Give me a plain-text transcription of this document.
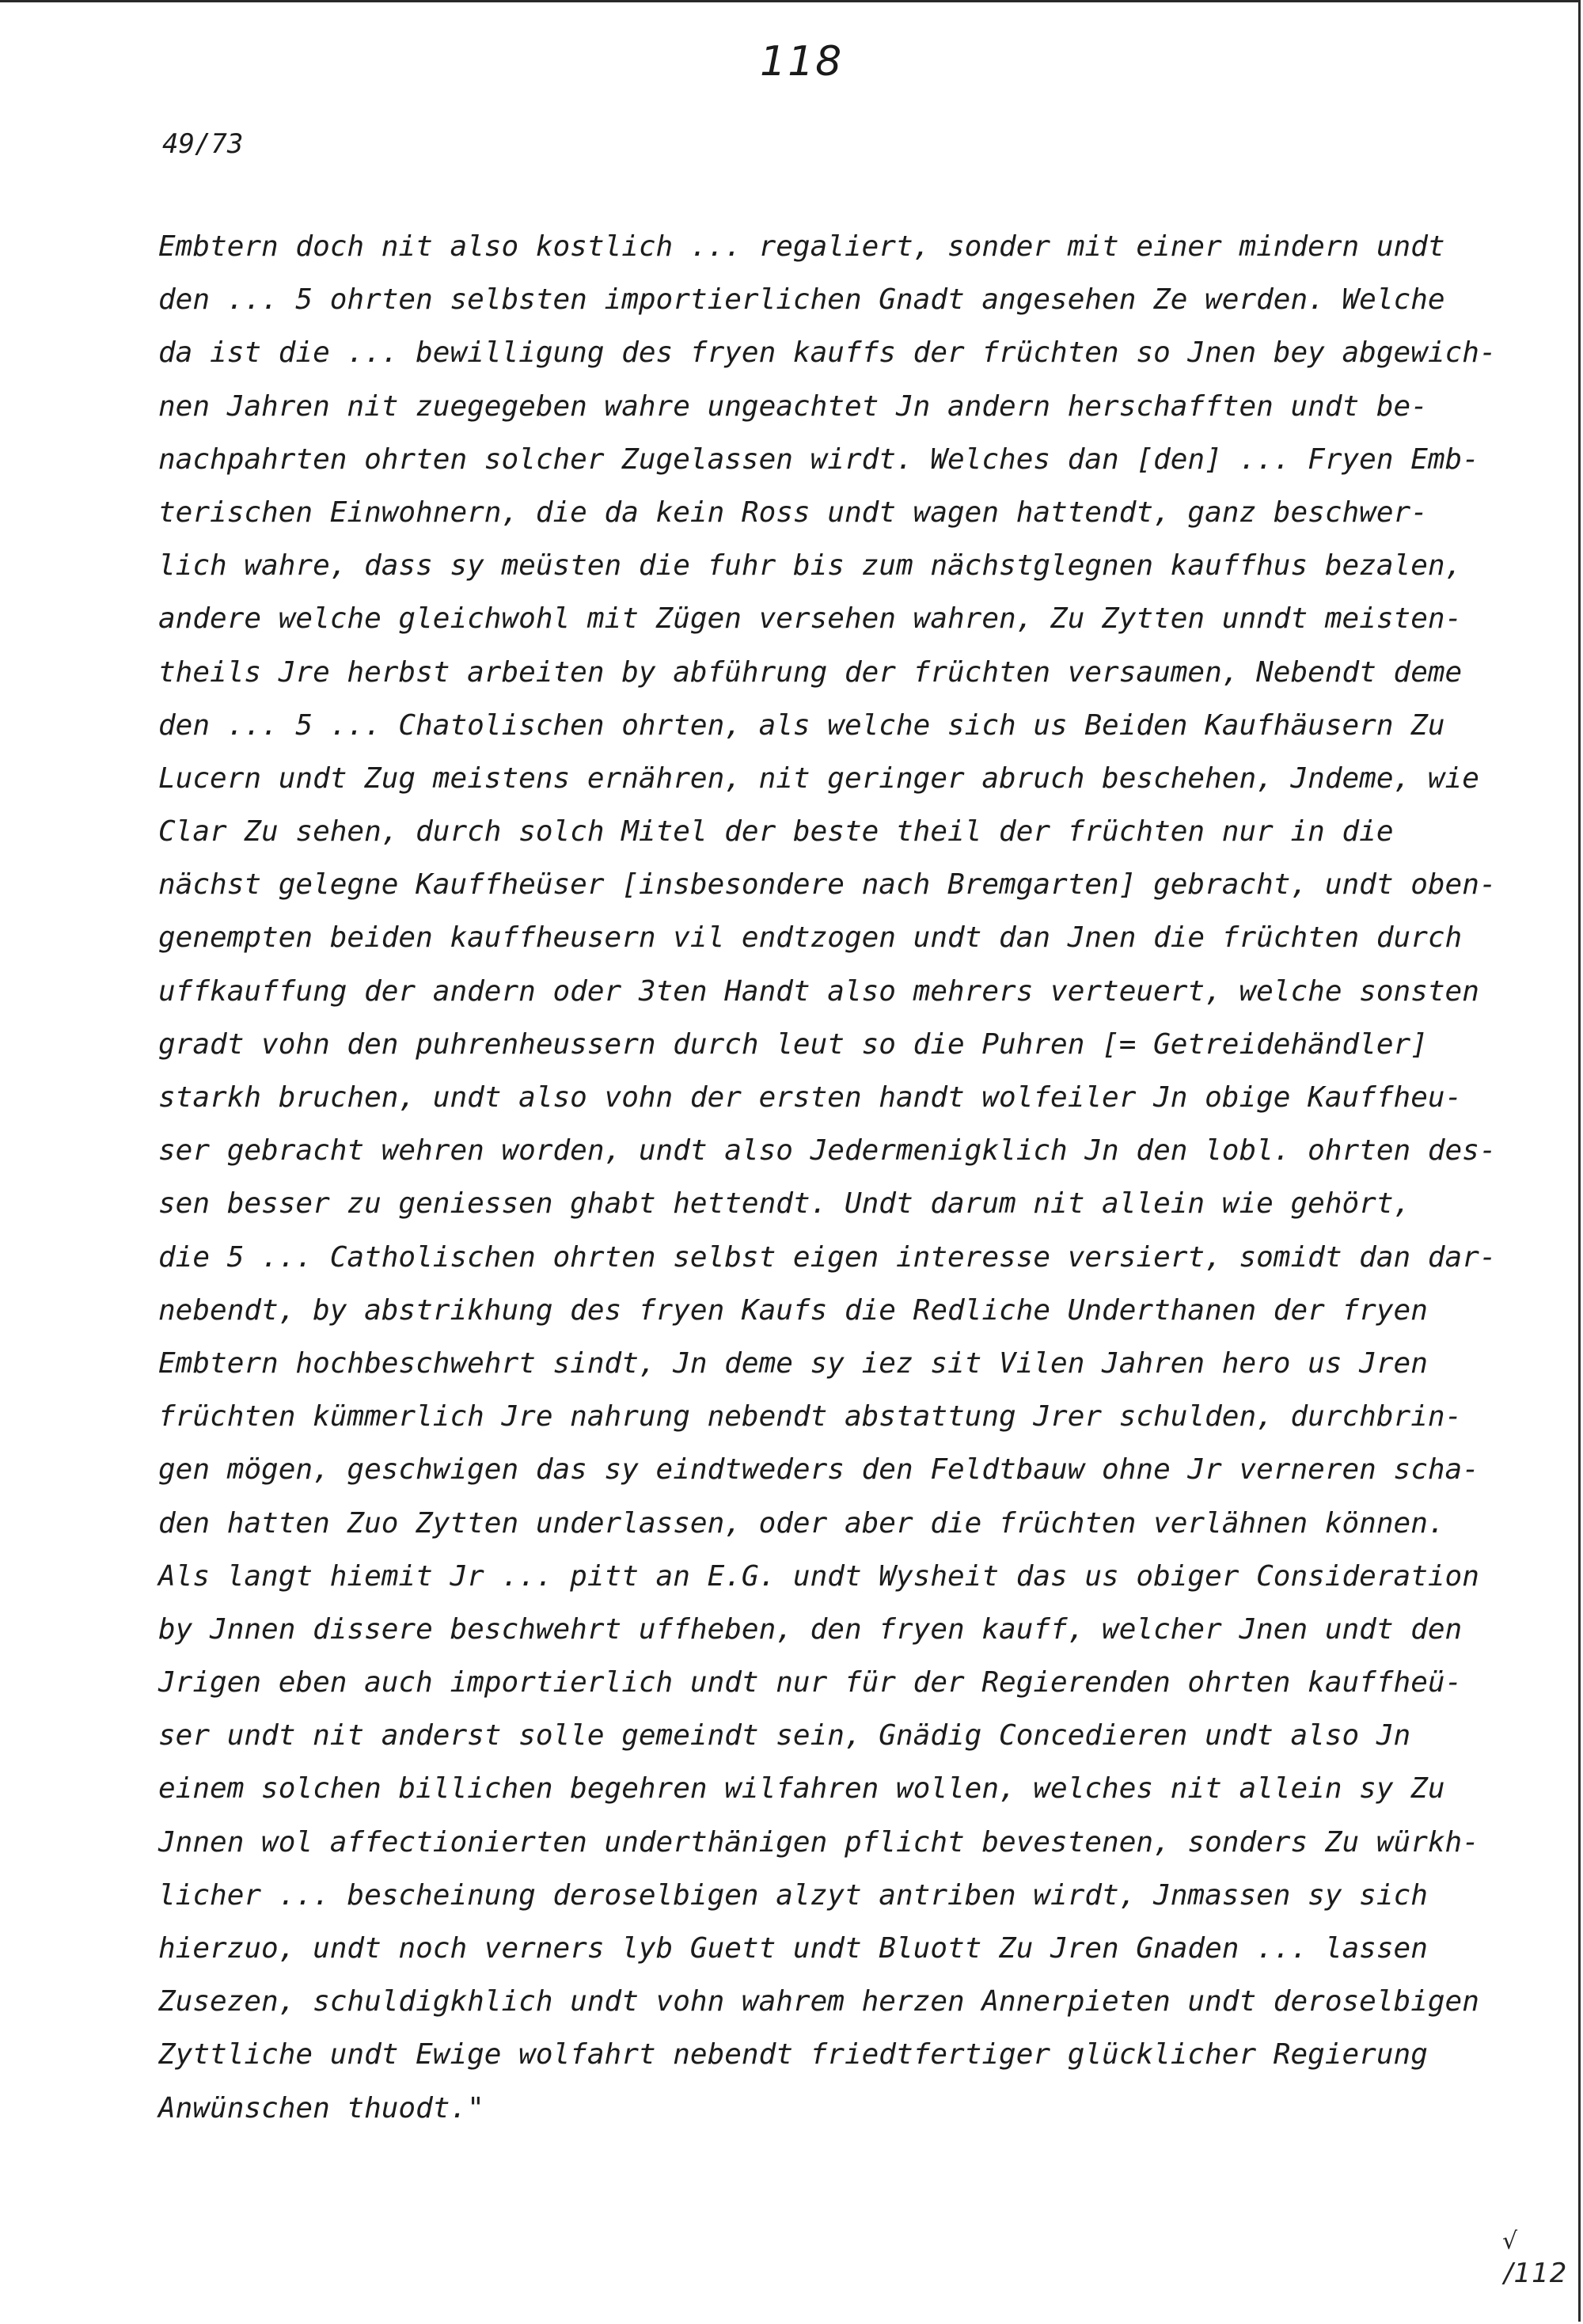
118
49/73
Embtern doch nit also kostlich ... regaliert, sonder mit einer mindern undt
den ... 5 ohrten selbsten importierlichen Gnadt angesehen Ze werden. Welche
da ist die ... bewilligung des fryen kauffs der früchten so Jnen bey abgewich-
nen Jahren nit zuegegeben wahre ungeachtet Jn andern herschafften undt be-
nachpahrten ohrten solcher Zugelassen wirdt. Welches dan [den] ... Fryen Emb-
terischen Einwohnern, die da kein Ross undt wagen hattendt, ganz beschwer-
lich wahre, dass sy meüsten die fuhr bis zum nächstglegnen kauffhus bezalen,
andere welche gleichwohl mit Zügen versehen wahren, Zu Zytten unndt meisten-
theils Jre herbst arbeiten by abführung der früchten versaumen, Nebendt deme
den ... 5 ... Chatolischen ohrten, als welche sich us Beiden Kaufhäusern Zu
Lucern undt Zug meistens ernähren, nit geringer abruch beschehen, Jndeme, wie
Clar Zu sehen, durch solch Mitel der beste theil der früchten nur in die
nächst gelegne Kauffheüser [insbesondere nach Bremgarten] gebracht, undt oben-
genempten beiden kauffheusern vil endtzogen undt dan Jnen die früchten durch
uffkauffung der andern oder 3ten Handt also mehrers verteuert, welche sonsten
gradt vohn den puhrenheussern durch leut so die Puhren [= Getreidehändler]
starkh bruchen, undt also vohn der ersten handt wolfeiler Jn obige Kauffheu-
ser gebracht wehren worden, undt also Jedermenigklich Jn den lobl. ohrten des-
sen besser zu geniessen ghabt hettendt. Undt darum nit allein wie gehört,
die 5 ... Catholischen ohrten selbst eigen interesse versiert, somidt dan dar-
nebendt, by abstrikhung des fryen Kaufs die Redliche Underthanen der fryen
Embtern hochbeschwehrt sindt, Jn deme sy iez sit Vilen Jahren hero us Jren
früchten kümmerlich Jre nahrung nebendt abstattung Jrer schulden, durchbrin-
gen mögen, geschwigen das sy eindtweders den Feldtbauw ohne Jr verneren scha-
den hatten Zuo Zytten underlassen, oder aber die früchten verlähnen können.
Als langt hiemit Jr ... pitt an E.G. undt Wysheit das us obiger Consideration
by Jnnen dissere beschwehrt uffheben, den fryen kauff, welcher Jnen undt den
Jrigen eben auch importierlich undt nur für der Regierenden ohrten kauffheü-
ser undt nit anderst solle gemeindt sein, Gnädig Concedieren undt also Jn
einem solchen billichen begehren wilfahren wollen, welches nit allein sy Zu
Jnnen wol affectionierten underthänigen pflicht bevestenen, sonders Zu würkh-
licher ... bescheinung deroselbigen alzyt antriben wirdt, Jnmassen sy sich
hierzuo, undt noch verners lyb Guett undt Bluott Zu Jren Gnaden ... lassen
Zusezen, schuldigkhlich undt vohn wahrem herzen Annerpieten undt deroselbigen
Zyttliche undt Ewige wolfahrt nebendt friedtfertiger glücklicher Regierung
Anwünschen thuodt."
√
/112
